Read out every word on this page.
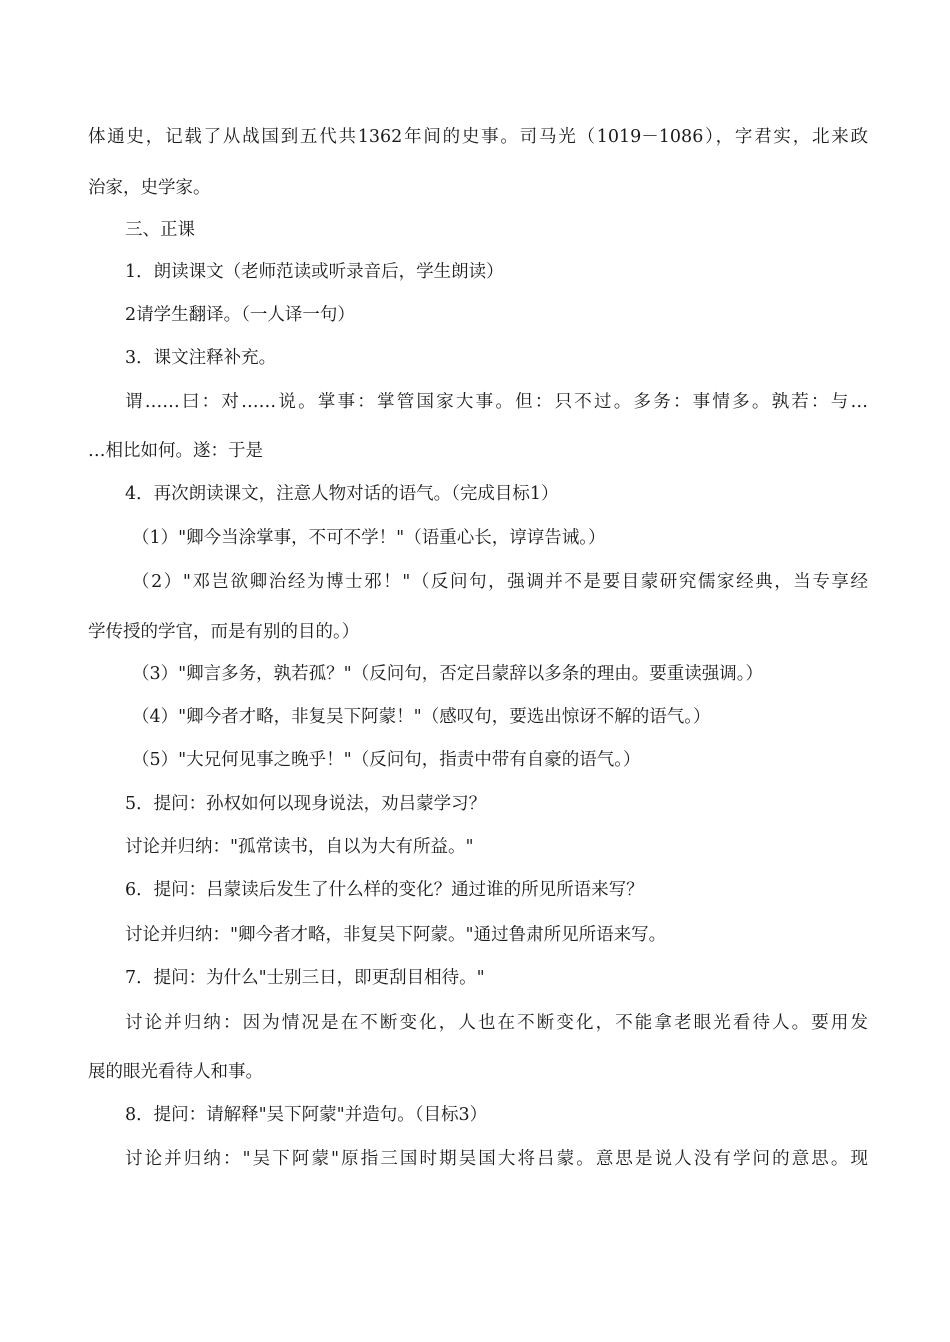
体通史，记载了从战国到五代共1362年间的史事。司马光（1019－1086），字君实，北来政
治家，史学家。
三、正课
1．朗读课文（老师范读或听录音后，学生朗读）
2请学生翻译。（一人译一句）
3．课文注释补充。
谓……曰：对……说。掌事：掌管国家大事。但：只不过。多务：事情多。孰若：与…
…相比如何。遂：于是
4．再次朗读课文，注意人物对话的语气。（完成目标1）
（1）"卿今当涂掌事，不可不学！"（语重心长，谆谆告诫。）
（2）"邓岂欲卿治经为博士邪！"（反问句，强调并不是要目蒙研究儒家经典，当专享经
学传授的学官，而是有别的目的。）
（3）"卿言多务，孰若孤？"（反问句，否定吕蒙辞以多条的理由。要重读强调。）
（4）"卿今者才略，非复吴下阿蒙！"（感叹句，要选出惊讶不解的语气。）
（5）"大兄何见事之晚乎！"（反问句，指责中带有自豪的语气。）
5．提问：孙权如何以现身说法，劝吕蒙学习？
讨论并归纳："孤常读书，自以为大有所益。"
6．提问：吕蒙读后发生了什么样的变化？通过谁的所见所语来写？
讨论并归纳："卿今者才略，非复吴下阿蒙。"通过鲁肃所见所语来写。
7．提问：为什么"士别三日，即更刮目相待。"
讨论并归纳：因为情况是在不断变化，人也在不断变化，不能拿老眼光看待人。要用发
展的眼光看待人和事。
8．提问：请解释"吴下阿蒙"并造句。（目标3）
讨论并归纳："吴下阿蒙"原指三国时期吴国大将吕蒙。意思是说人没有学问的意思。现
